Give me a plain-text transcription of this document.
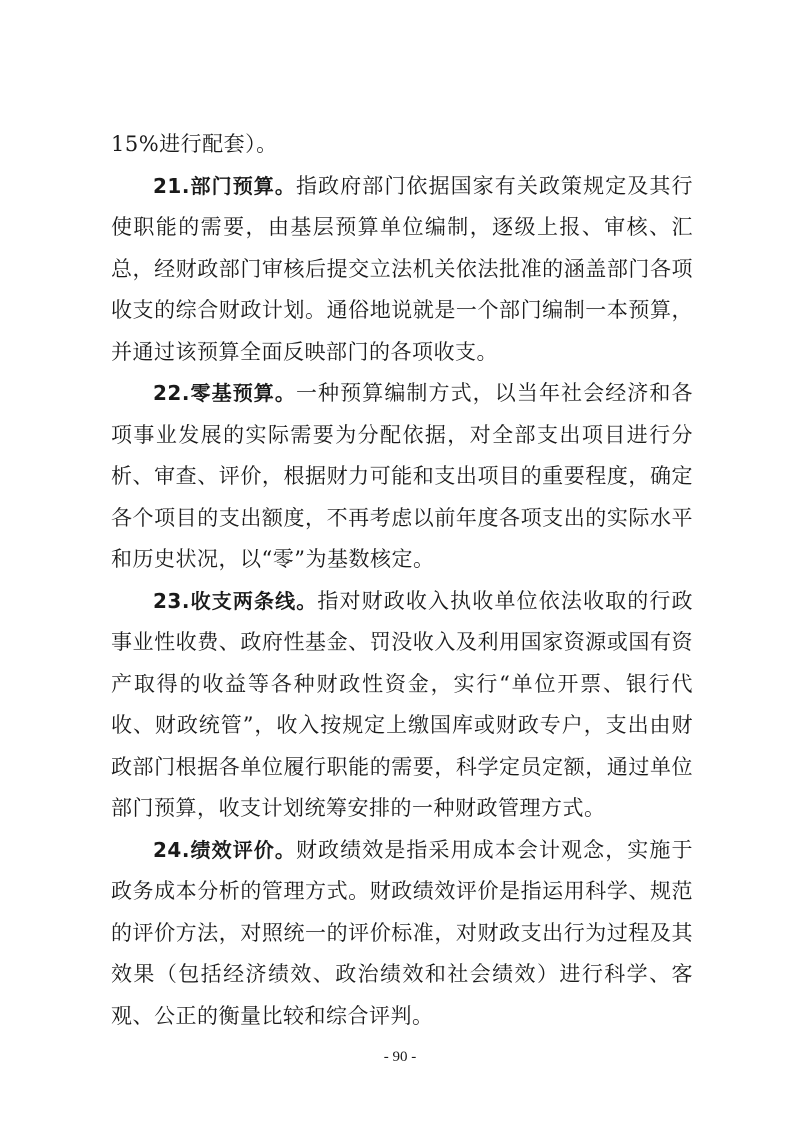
15%进行配套）。

21.部门预算。指政府部门依据国家有关政策规定及其行使职能的需要，由基层预算单位编制，逐级上报、审核、汇总，经财政部门审核后提交立法机关依法批准的涵盖部门各项收支的综合财政计划。通俗地说就是一个部门编制一本预算，并通过该预算全面反映部门的各项收支。

22.零基预算。一种预算编制方式，以当年社会经济和各项事业发展的实际需要为分配依据，对全部支出项目进行分析、审查、评价，根据财力可能和支出项目的重要程度，确定各个项目的支出额度，不再考虑以前年度各项支出的实际水平和历史状况，以“零”为基数核定。

23.收支两条线。指对财政收入执收单位依法收取的行政事业性收费、政府性基金、罚没收入及利用国家资源或国有资产取得的收益等各种财政性资金，实行“单位开票、银行代收、财政统管”，收入按规定上缴国库或财政专户，支出由财政部门根据各单位履行职能的需要，科学定员定额，通过单位部门预算，收支计划统筹安排的一种财政管理方式。

24.绩效评价。财政绩效是指采用成本会计观念，实施于政务成本分析的管理方式。财政绩效评价是指运用科学、规范的评价方法，对照统一的评价标准，对财政支出行为过程及其效果（包括经济绩效、政治绩效和社会绩效）进行科学、客观、公正的衡量比较和综合评判。

- 90 -
